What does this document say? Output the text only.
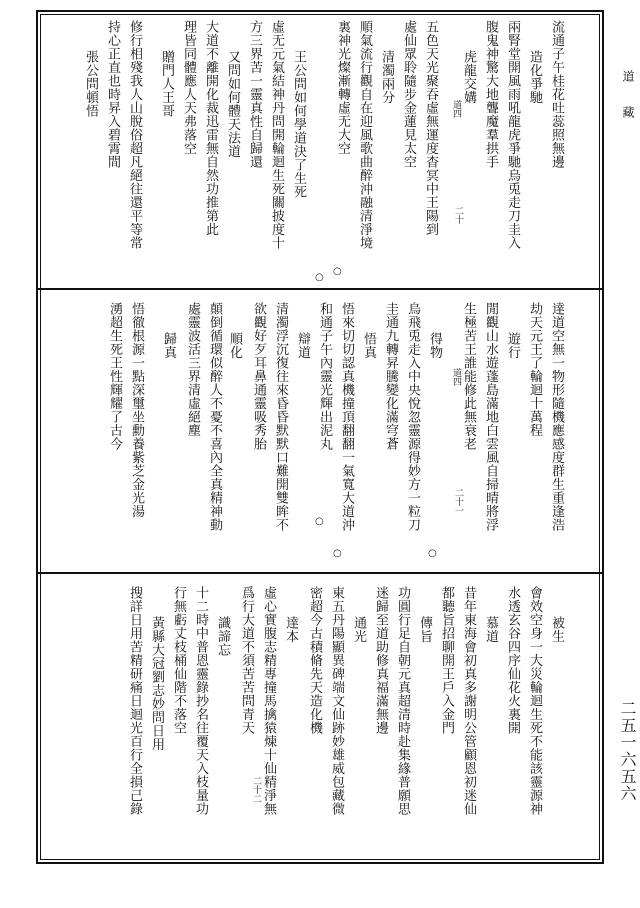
流通子午桂花吐蕊照無邊
造化爭馳
兩腎堂開風雨吼龍虎爭馳烏兎走刀圭入
腹鬼神驚大地聾魔羣拱手
虎龍交媾
五色天光聚吞虛無運度杳冥中王陽到
處仙眾聆隨步金蓮見太空
清濁兩分
順氣流行觀自在迎風歌曲醉沖融清淨境
裏神光燦漸轉虛无大空
王公問如何學道決了生死
虛无元氣結神丹問開輪迴生死關披度十
方三界苦一靈真性自歸還
又問如何體天法道
大道不離開化裁迅雷無自然功推第此
理皆同體應人天弗落空
贈門人王哥
修行相殘我人山脫俗超凡絕往還平等常
持心正直也時昇入碧霄間
張公問頓悟	道四
二十
○
○
○
達道空無一物形隨機應感度群生重逢浩
劫天元王了輪迴十萬程
遊行
閒觀山水遊蓬島滿地白雲風自掃晴將浮
生極苦王誰能修此無衰老
得物
烏飛兎走入中央悅忽靈源得妙方一粒刀
圭通九轉昇騰變化滿穹蒼
悟真
悟來切切認真機撞頂翻翻一氣寬大道沖
和通子午內靈光輝出泥丸
辯道
清濁浮沉復往來昏昏默默口難開雙眸不
欲觀好歹耳鼻通靈吸秀胎
順化
顛倒循環似醉人不憂不喜內全真精神動
處靈波活三界清虛絕塵
歸真
悟徹根源一點深璽坐勳養紫芝金光湯
湧超生死王性輝耀了古今	道四
二十一
○	○
被生
會效空身一大災輪迴生死不能該靈源神
水透玄谷四序仙花火裏開
慕道
昔年東海會初真多謝明公管顧恩初迷仙
都聽旨招聊開王戶入金門
傳旨
功圓行足自朝元真超清時赴集緣普願思
迷歸至道助修真福滿無邊
通光
東五丹陽顯異碑端文仙跡妙雄威包藏微
密超今古積脩先天造化機
達本
虛心實腹志精專撞馬擒猿煉十仙精淨無
爲行大道不須苦苦問青天
識諦忘
十二時中普恩靈錄抄名往覆天入枝量功
行無虧丈枝桶仙階不落空
黃縣大冠劉志妙問日用
搜詳日用苦精研痛日迴光百行全損己錄	二十二
道藏
二五一六五六
